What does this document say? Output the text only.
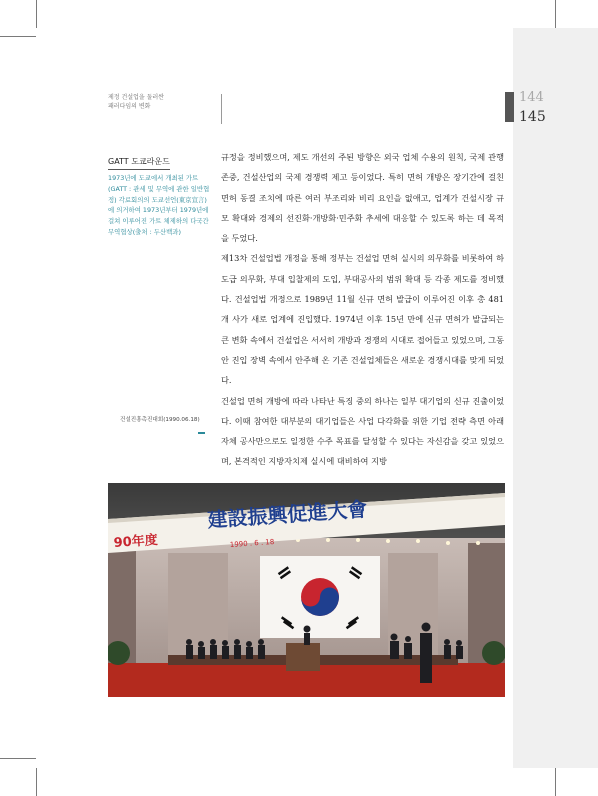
제정 건설업을 둘러싼
패러다임의 변화
144
145
GATT 도쿄라운드
1973년에 도쿄에서 개최된 가트(GATT : 관세 및 무역에 관한 일반협정) 각료회의의 도쿄선언(東京宣言)에 의거하여 1973년부터 1979년에 걸쳐 이루어진 가트 체제하의 다국간무역협상(출처 : 두산백과)
건설진흥촉진대회(1990.06.18)

규정을 정비했으며, 제도 개선의 주된 방향은 외국 업체 수용의 원칙, 국제 관행 존중, 건설산업의 국제 경쟁력 제고 등이었다. 특히 면허 개방은 장기간에 걸친 면허 동결 조치에 따른 여러 부조리와 비리 요인을 없애고, 업계가 건설시장 규모 확대와 경제의 선진화·개방화·민주화 추세에 대응할 수 있도록 하는 데 목적을 두었다.

제13차 건설업법 개정을 통해 정부는 건설업 면허 실시의 의무화를 비롯하여 하도급 의무화, 부대 입찰제의 도입, 부대공사의 범위 확대 등 각종 제도를 정비했다. 건설업법 개정으로 1989년 11월 신규 면허 발급이 이루어진 이후 총 481개 사가 새로 업계에 진입했다. 1974년 이후 15년 만에 신규 면허가 발급되는 큰 변화 속에서 건설업은 서서히 개방과 경쟁의 시대로 접어들고 있었으며, 그동안 진입 장벽 속에서 안주해 온 기존 건설업체들은 새로운 경쟁시대를 맞게 되었다.

건설업 면허 개방에 따라 나타난 특징 중의 하나는 일부 대기업의 신규 진출이었다. 이때 참여한 대부분의 대기업들은 사업 다각화를 위한 기업 전략 측면 아래 자체 공사만으로도 일정한 수주 목표를 달성할 수 있다는 자신감을 갖고 있었으며, 본격적인 지방자치제 실시에 대비하여 지방

90年度
建設振興促進大會
1990 . 6 . 18
